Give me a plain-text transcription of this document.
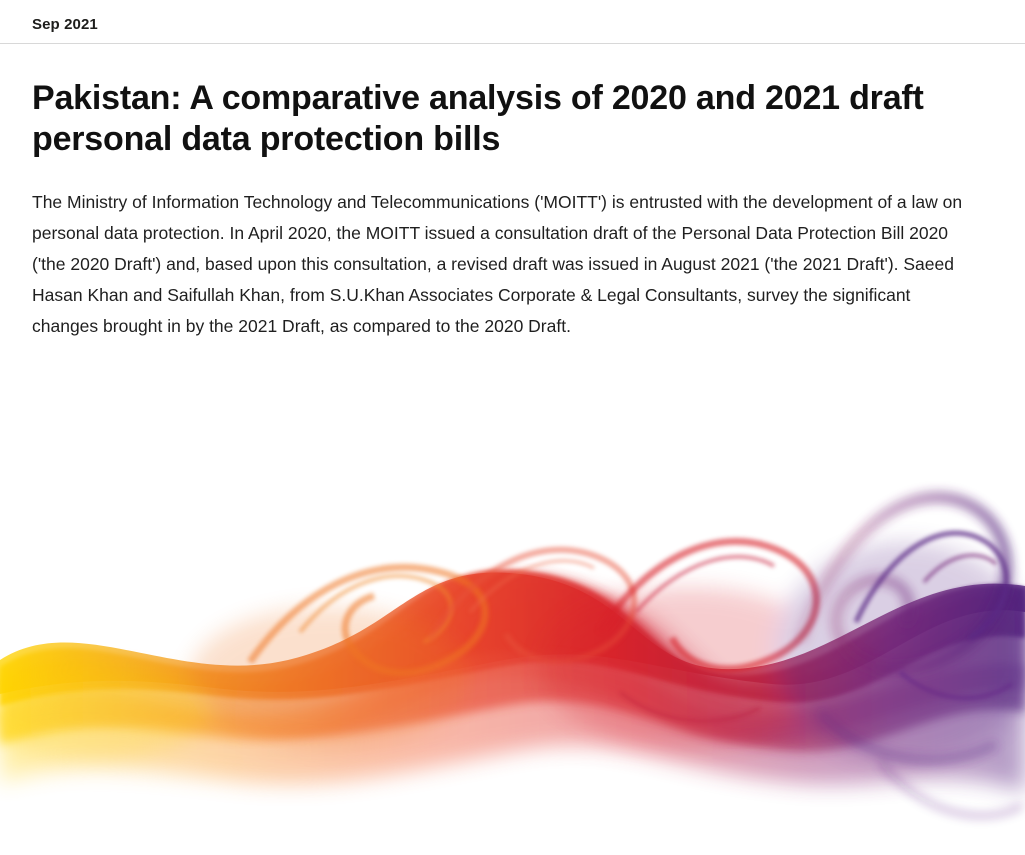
Sep 2021
Pakistan: A comparative analysis of 2020 and 2021 draft personal data protection bills

The Ministry of Information Technology and Telecommunications ('MOITT') is entrusted with the development of a law on personal data protection. In April 2020, the MOITT issued a consultation draft of the Personal Data Protection Bill 2020 ('the 2020 Draft') and, based upon this consultation, a revised draft was issued in August 2021 ('the 2021 Draft'). Saeed Hasan Khan and Saifullah Khan, from S.U.Khan Associates Corporate & Legal Consultants, survey the significant changes brought in by the 2021 Draft, as compared to the 2020 Draft.
